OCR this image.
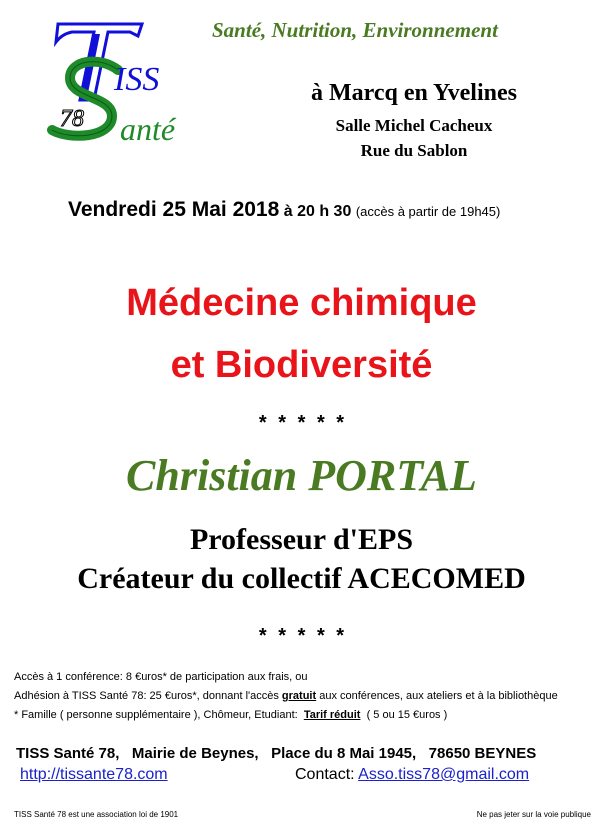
ISS
78 anté
Santé, Nutrition, Environnement
à Marcq en Yvelines
Salle Michel Cacheux
Rue du Sablon
Vendredi 25 Mai 2018 à 20 h 30 (accès à partir de 19h45)
Médecine chimique
et Biodiversité
* * * * *
Christian PORTAL
Professeur d'EPS
Créateur du collectif ACECOMED
* * * * *
Accès à 1 conférence: 8 €uros* de participation aux frais, ou
Adhésion à TISS Santé 78: 25 €uros*, donnant l'accès gratuit aux conférences, aux ateliers et à la bibliothèque
* Famille ( personne supplémentaire ), Chômeur, Etudiant:  Tarif réduit  ( 5 ou 15 €uros )
TISS Santé 78,   Mairie de Beynes,   Place du 8 Mai 1945,   78650 BEYNES
http://tissante78.com	Contact: Asso.tiss78@gmail.com
TISS Santé 78 est une association loi de 1901	Ne pas jeter sur la voie publique
